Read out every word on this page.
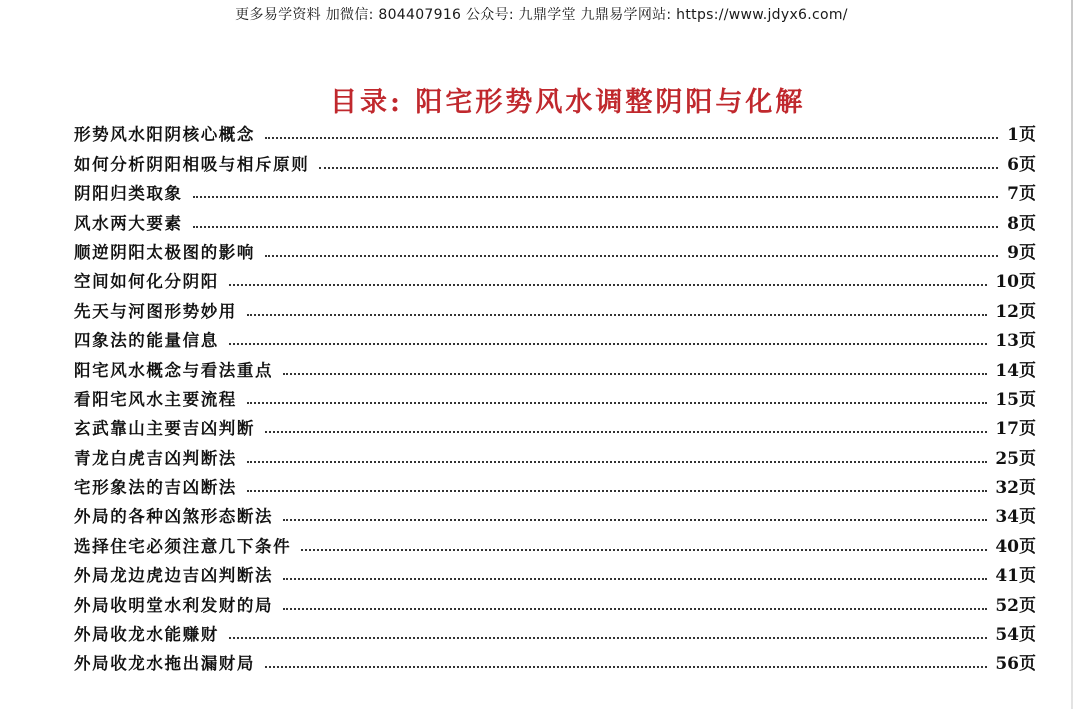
更多易学资料 加微信: 804407916 公众号: 九鼎学堂 九鼎易学网站: https://www.jdyx6.com/
目录: 阳宅形势风水调整阴阳与化解
形势风水阳阴核心概念	1页
如何分析阴阳相吸与相斥原则	6页
阴阳归类取象	7页
风水两大要素	8页
顺逆阴阳太极图的影响	9页
空间如何化分阴阳	10页
先天与河图形势妙用	12页
四象法的能量信息	13页
阳宅风水概念与看法重点	14页
看阳宅风水主要流程	15页
玄武靠山主要吉凶判断	17页
青龙白虎吉凶判断法	25页
宅形象法的吉凶断法	32页
外局的各种凶煞形态断法	34页
选择住宅必须注意几下条件	40页
外局龙边虎边吉凶判断法	41页
外局收明堂水利发财的局	52页
外局收龙水能赚财	54页
外局收龙水拖出漏财局	56页
